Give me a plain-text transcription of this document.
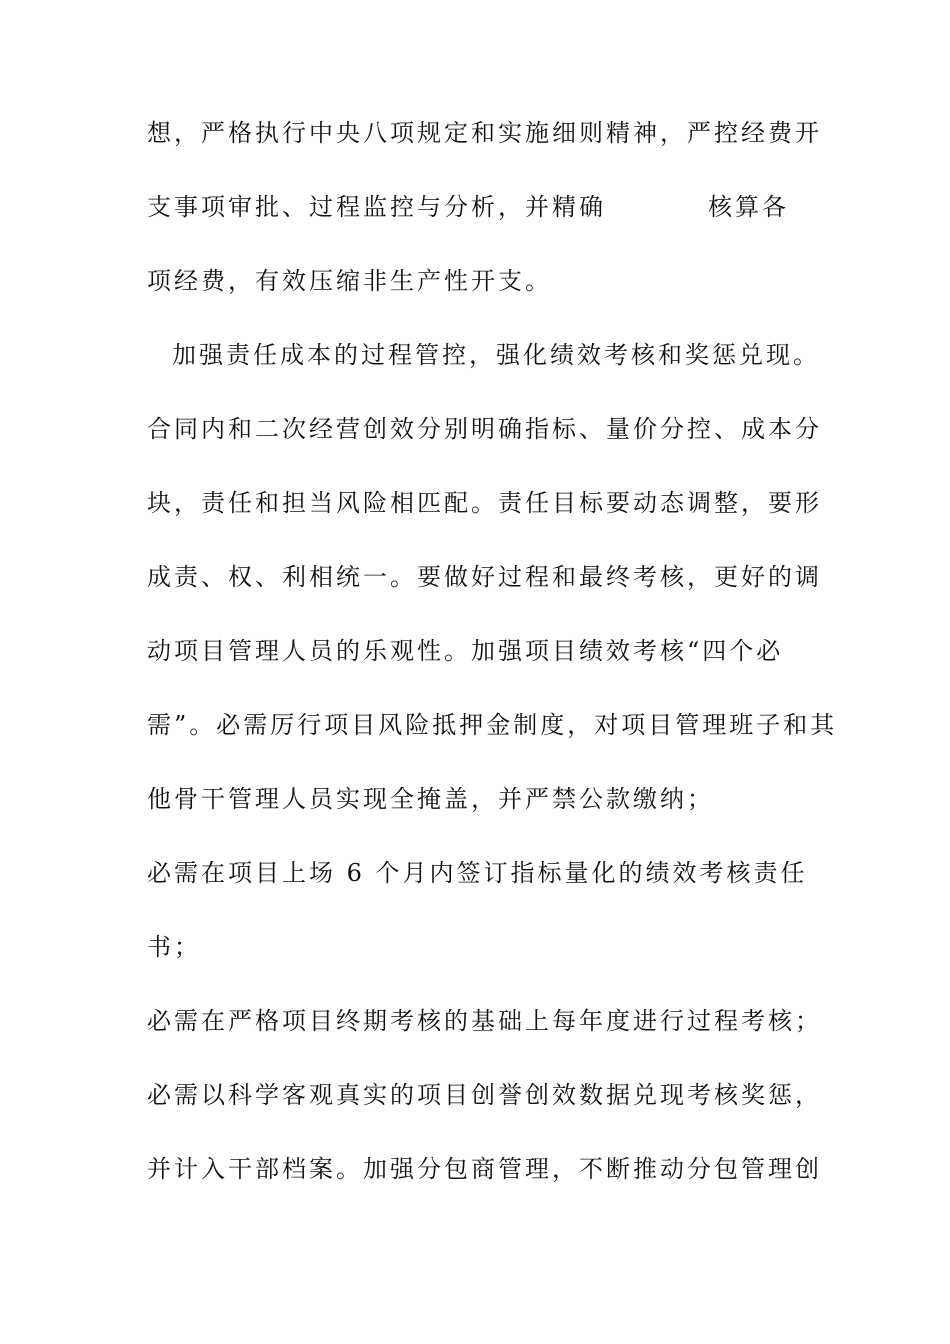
想，严格执行中央八项规定和实施细则精神，严控经费开
支事项审批、过程监控与分析，并精确	核算各
项经费，有效压缩非生产性开支。
加强责任成本的过程管控，强化绩效考核和奖惩兑现。
合同内和二次经营创效分别明确指标、量价分控、成本分
块，责任和担当风险相匹配。责任目标要动态调整，要形
成责、权、利相统一。要做好过程和最终考核，更好的调
动项目管理人员的乐观性。加强项目绩效考核“四个必
需”。必需厉行项目风险抵押金制度，对项目管理班子和其
他骨干管理人员实现全掩盖，并严禁公款缴纳；
必需在项目上场 6 个月内签订指标量化的绩效考核责任
书；
必需在严格项目终期考核的基础上每年度进行过程考核；
必需以科学客观真实的项目创誉创效数据兑现考核奖惩，
并计入干部档案。加强分包商管理，不断推动分包管理创
